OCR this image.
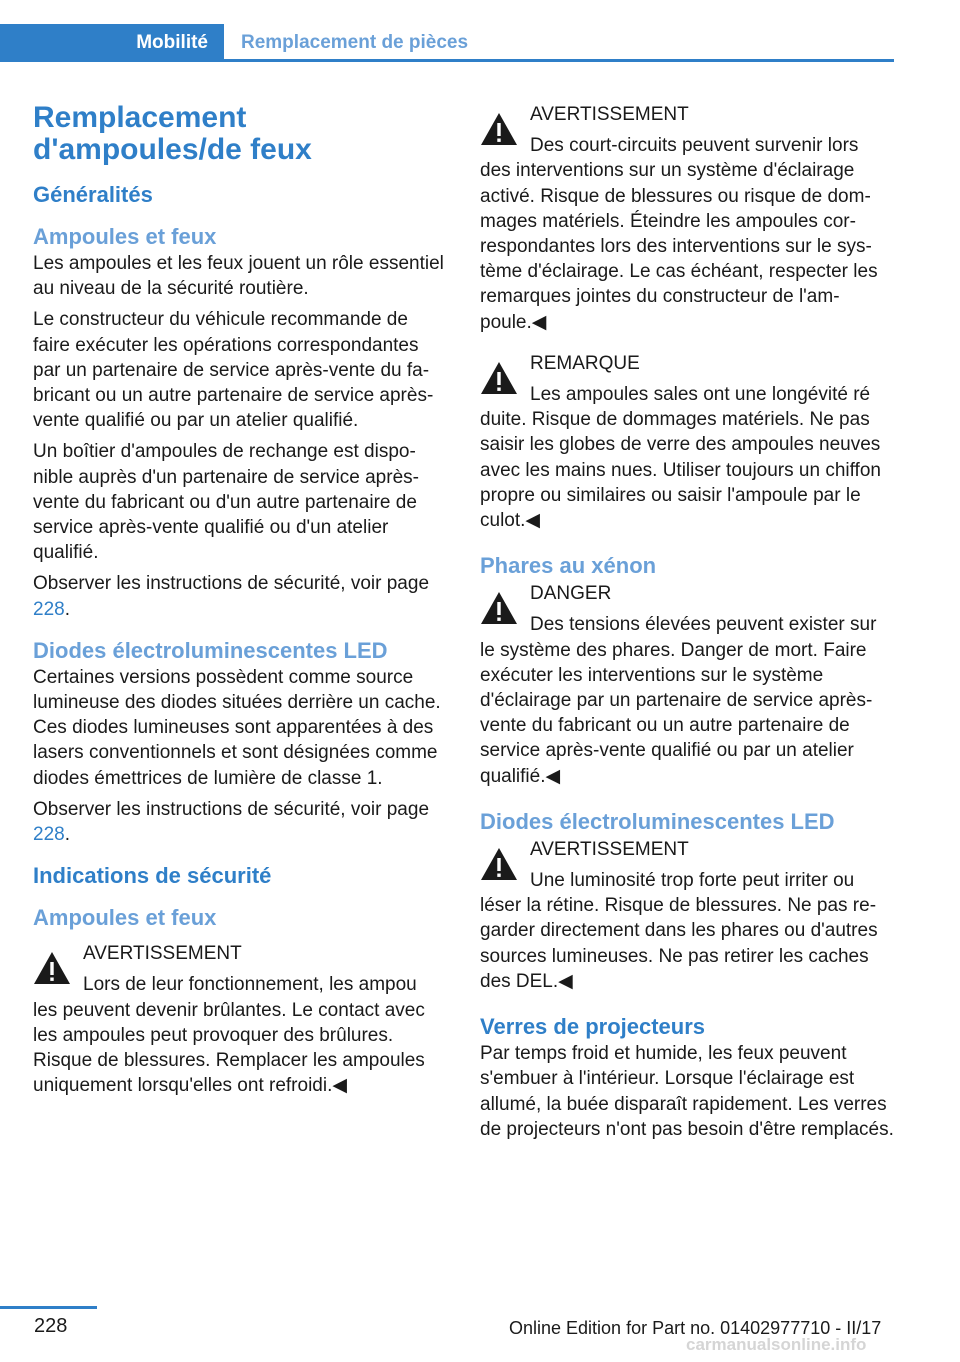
Mobilité	Remplacement de pièces
Remplacement d'ampoules/de feux
Généralités
Ampoules et feux
Les ampoules et les feux jouent un rôle essentiel au niveau de la sécurité routière.
Le constructeur du véhicule recommande de faire exécuter les opérations correspondantes par un partenaire de service après-vente du fabricant ou un autre partenaire de service après-vente qualifié ou par un atelier qualifié.
Un boîtier d'ampoules de rechange est disponible auprès d'un partenaire de service après-vente du fabricant ou d'un autre partenaire de service après-vente qualifié ou d'un atelier qualifié.
Observer les instructions de sécurité, voir page 228.
Diodes électroluminescentes LED
Certaines versions possèdent comme source lumineuse des diodes situées derrière un cache. Ces diodes lumineuses sont apparentées à des lasers conventionnels et sont désignées comme diodes émettrices de lumière de classe 1.
Observer les instructions de sécurité, voir page 228.
Indications de sécurité
Ampoules et feux
AVERTISSEMENT
Lors de leur fonctionnement, les ampou
les peuvent devenir brûlantes. Le contact avec les ampoules peut provoquer des brûlures. Risque de blessures. Remplacer les ampoules uniquement lorsqu'elles ont refroidi.◀
AVERTISSEMENT
Des court-circuits peuvent survenir lors
des interventions sur un système d'éclairage activé. Risque de blessures ou risque de dommages matériels. Éteindre les ampoules correspondantes lors des interventions sur le système d'éclairage. Le cas échéant, respecter les remarques jointes du constructeur de l'ampoule.◀
REMARQUE
Les ampoules sales ont une longévité ré
duite. Risque de dommages matériels. Ne pas saisir les globes de verre des ampoules neuves avec les mains nues. Utiliser toujours un chiffon propre ou similaires ou saisir l'ampoule par le culot.◀
Phares au xénon
DANGER
Des tensions élevées peuvent exister sur
le système des phares. Danger de mort. Faire exécuter les interventions sur le système d'éclairage par un partenaire de service après-vente du fabricant ou un autre partenaire de service après-vente qualifié ou par un atelier qualifié.◀
Diodes électroluminescentes LED
AVERTISSEMENT
Une luminosité trop forte peut irriter ou
léser la rétine. Risque de blessures. Ne pas regarder directement dans les phares ou d'autres sources lumineuses. Ne pas retirer les caches des DEL.◀
Verres de projecteurs
Par temps froid et humide, les feux peuvent s'embuer à l'intérieur. Lorsque l'éclairage est allumé, la buée disparaît rapidement. Les verres de projecteurs n'ont pas besoin d'être remplacés.
228	Online Edition for Part no. 01402977710 - II/17
carmanualsonline.info
